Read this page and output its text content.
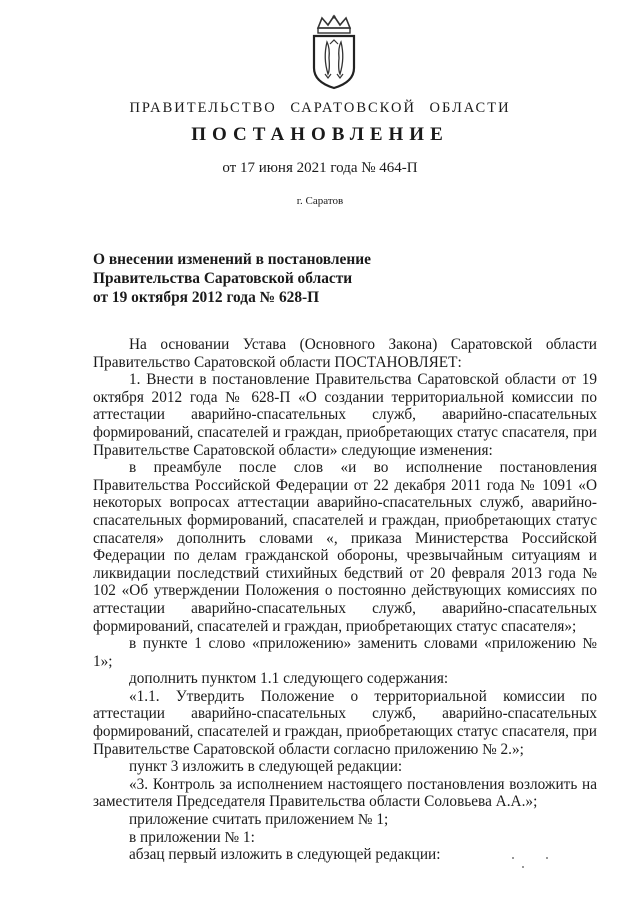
ПРАВИТЕЛЬСТВО САРАТОВСКОЙ ОБЛАСТИ
ПОСТАНОВЛЕНИЕ
от 17 июня 2021 года № 464-П
г. Саратов
О внесении изменений в постановление
Правительства Саратовской области
от 19 октября 2012 года № 628-П

На основании Устава (Основного Закона) Саратовской области Правительство Саратовской области ПОСТАНОВЛЯЕТ:

1. Внести в постановление Правительства Саратовской области от 19 октября 2012 года № 628-П «О создании территориальной комиссии по аттестации аварийно-спасательных служб, аварийно-спасательных формирований, спасателей и граждан, приобретающих статус спасателя, при Правительстве Саратовской области» следующие изменения:

в преамбуле после слов «и во исполнение постановления Правительства Российской Федерации от 22 декабря 2011 года № 1091 «О некоторых вопросах аттестации аварийно-спасательных служб, аварийно-спасательных формирований, спасателей и граждан, приобретающих статус спасателя» дополнить словами «, приказа Министерства Российской Федерации по делам гражданской обороны, чрезвычайным ситуациям и ликвидации последствий стихийных бедствий от 20 февраля 2013 года № 102 «Об утверждении Положения о постоянно действующих комиссиях по аттестации аварийно-спасательных служб, аварийно-спасательных формирований, спасателей и граждан, приобретающих статус спасателя»;

в пункте 1 слово «приложению» заменить словами «приложению № 1»;

дополнить пунктом 1.1 следующего содержания:

«1.1. Утвердить Положение о территориальной комиссии по аттестации аварийно-спасательных служб, аварийно-спасательных формирований, спасателей и граждан, приобретающих статус спасателя, при Правительстве Саратовской области согласно приложению № 2.»;

пункт 3 изложить в следующей редакции:

«3. Контроль за исполнением настоящего постановления возложить на заместителя Председателя Правительства области Соловьева А.А.»;

приложение считать приложением № 1;

в приложении № 1:

абзац первый изложить в следующей редакции:
